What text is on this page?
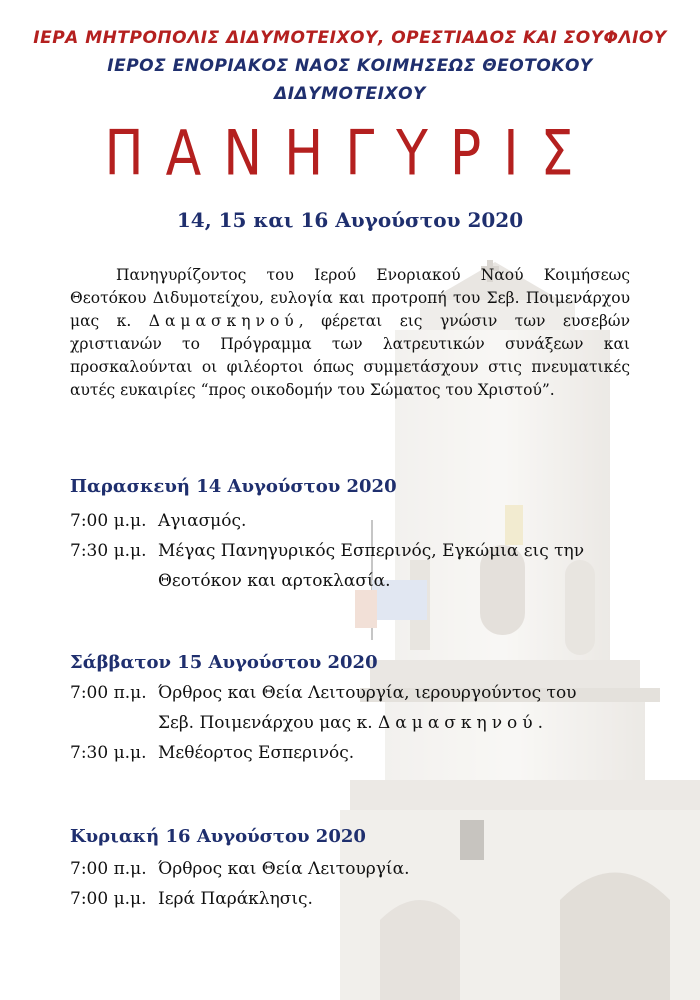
ΙΕΡΑ ΜΗΤΡΟΠΟΛΙΣ ΔΙΔΥΜΟΤΕΙΧΟΥ, ΟΡΕΣΤΙΑΔΟΣ ΚΑΙ ΣΟΥΦΛΙΟΥ
ΙΕΡΟΣ ΕΝΟΡΙΑΚΟΣ ΝΑΟΣ ΚΟΙΜΗΣΕΩΣ ΘΕΟΤΟΚΟΥ
ΔΙΔΥΜΟΤΕΙΧΟΥ
ΠΑΝΗΓΥΡΙΣ
14, 15 και 16 Αυγούστου 2020
Πανηγυρίζοντος του Ιερού Ενοριακού Ναού Κοιμήσεως Θεοτόκου Διδυμοτείχου, ευλογία και προτροπή του Σεβ. Ποιμενάρχου μας κ. Δαμασκηνού, φέρεται εις γνώσιν των ευσεβών χριστιανών το Πρόγραμμα των λατρευτικών συνάξεων και προσκαλούνται οι φιλέορτοι όπως συμμετάσχουν στις πνευματικές αυτές ευκαιρίες “προς οικοδομήν του Σώματος του Χριστού”.
Παρασκευή 14 Αυγούστου 2020
7:00 μ.μ. Αγιασμός.
7:30 μ.μ. Μέγας Πανηγυρικός Εσπερινός, Εγκώμια εις την
Θεοτόκον και αρτοκλασία.
Σάββατον 15 Αυγούστου 2020
7:00 π.μ. Όρθρος και Θεία Λειτουργία, ιερουργούντος του
Σεβ. Ποιμενάρχου μας κ. Δαμασκηνού.
7:30 μ.μ. Μεθέορτος Εσπερινός.
Κυριακή 16 Αυγούστου 2020
7:00 π.μ. Όρθρος και Θεία Λειτουργία.
7:00 μ.μ. Ιερά Παράκλησις.
